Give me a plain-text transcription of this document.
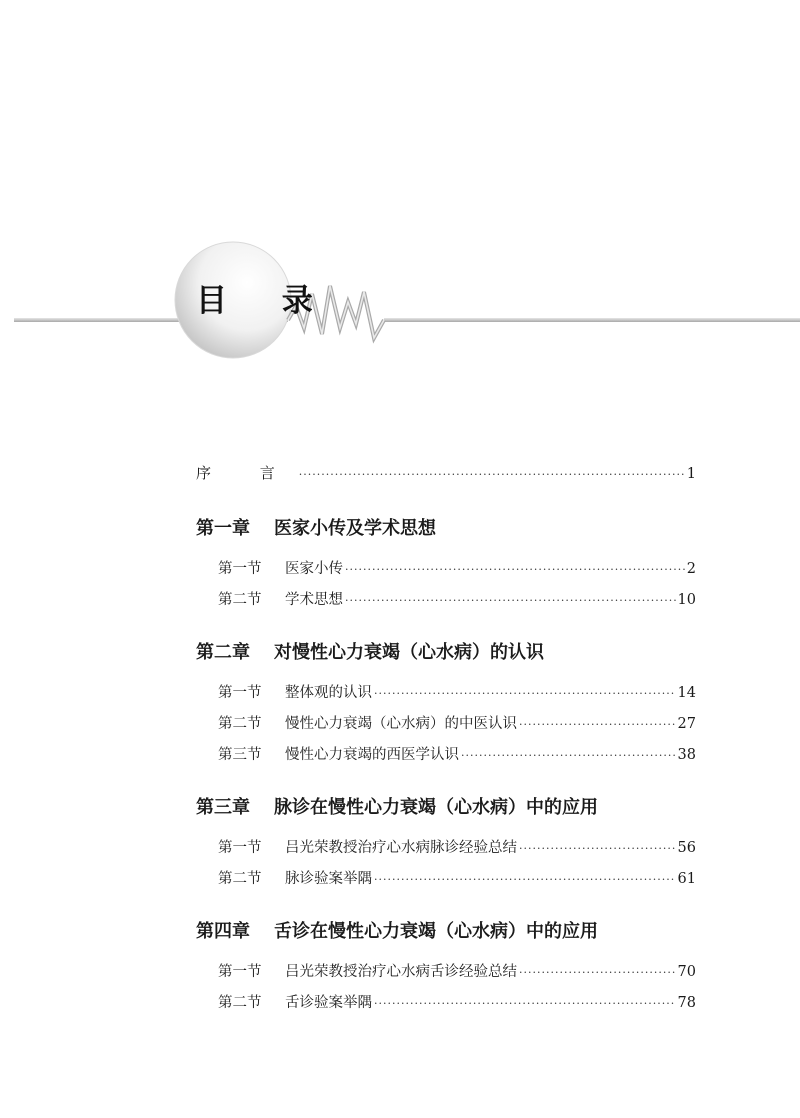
目 录
序 言 ·····	1
第一章 医家小传及学术思想
第一节	医家小传 ·····	2
第二节	学术思想 ·····	10
第二章 对慢性心力衰竭（心水病）的认识
第一节	整体观的认识 ·····	14
第二节	慢性心力衰竭（心水病）的中医认识 ·····	27
第三节	慢性心力衰竭的西医学认识 ·····	38
第三章 脉诊在慢性心力衰竭（心水病）中的应用
第一节	吕光荣教授治疗心水病脉诊经验总结 ·····	56
第二节	脉诊验案举隅 ·····	61
第四章 舌诊在慢性心力衰竭（心水病）中的应用
第一节	吕光荣教授治疗心水病舌诊经验总结 ·····	70
第二节	舌诊验案举隅 ·····	78
